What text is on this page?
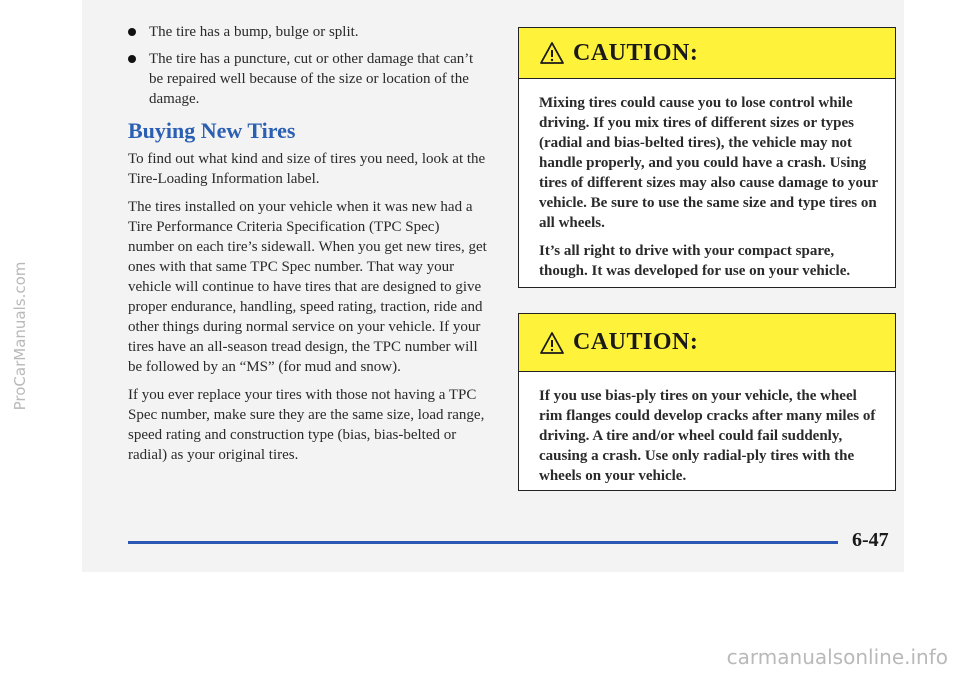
ProCarManuals.com
The tire has a bump, bulge or split.
The tire has a puncture, cut or other damage that can’t be repaired well because of the size or location of the damage.
Buying New Tires

To find out what kind and size of tires you need, look at the Tire-Loading Information label.

The tires installed on your vehicle when it was new had a Tire Performance Criteria Specification (TPC Spec) number on each tire’s sidewall. When you get new tires, get ones with that same TPC Spec number. That way your vehicle will continue to have tires that are designed to give proper endurance, handling, speed rating, traction, ride and other things during normal service on your vehicle. If your tires have an all-season tread design, the TPC number will be followed by an “MS” (for mud and snow).

If you ever replace your tires with those not having a TPC Spec number, make sure they are the same size, load range, speed rating and construction type (bias, bias-belted or radial) as your original tires.

CAUTION:

Mixing tires could cause you to lose control while driving. If you mix tires of different sizes or types (radial and bias-belted tires), the vehicle may not handle properly, and you could have a crash. Using tires of different sizes may also cause damage to your vehicle. Be sure to use the same size and type tires on all wheels.

It’s all right to drive with your compact spare, though. It was developed for use on your vehicle.

CAUTION:

If you use bias-ply tires on your vehicle, the wheel rim flanges could develop cracks after many miles of driving. A tire and/or wheel could fail suddenly, causing a crash. Use only radial-ply tires with the wheels on your vehicle.

6-47
carmanualsonline.info
